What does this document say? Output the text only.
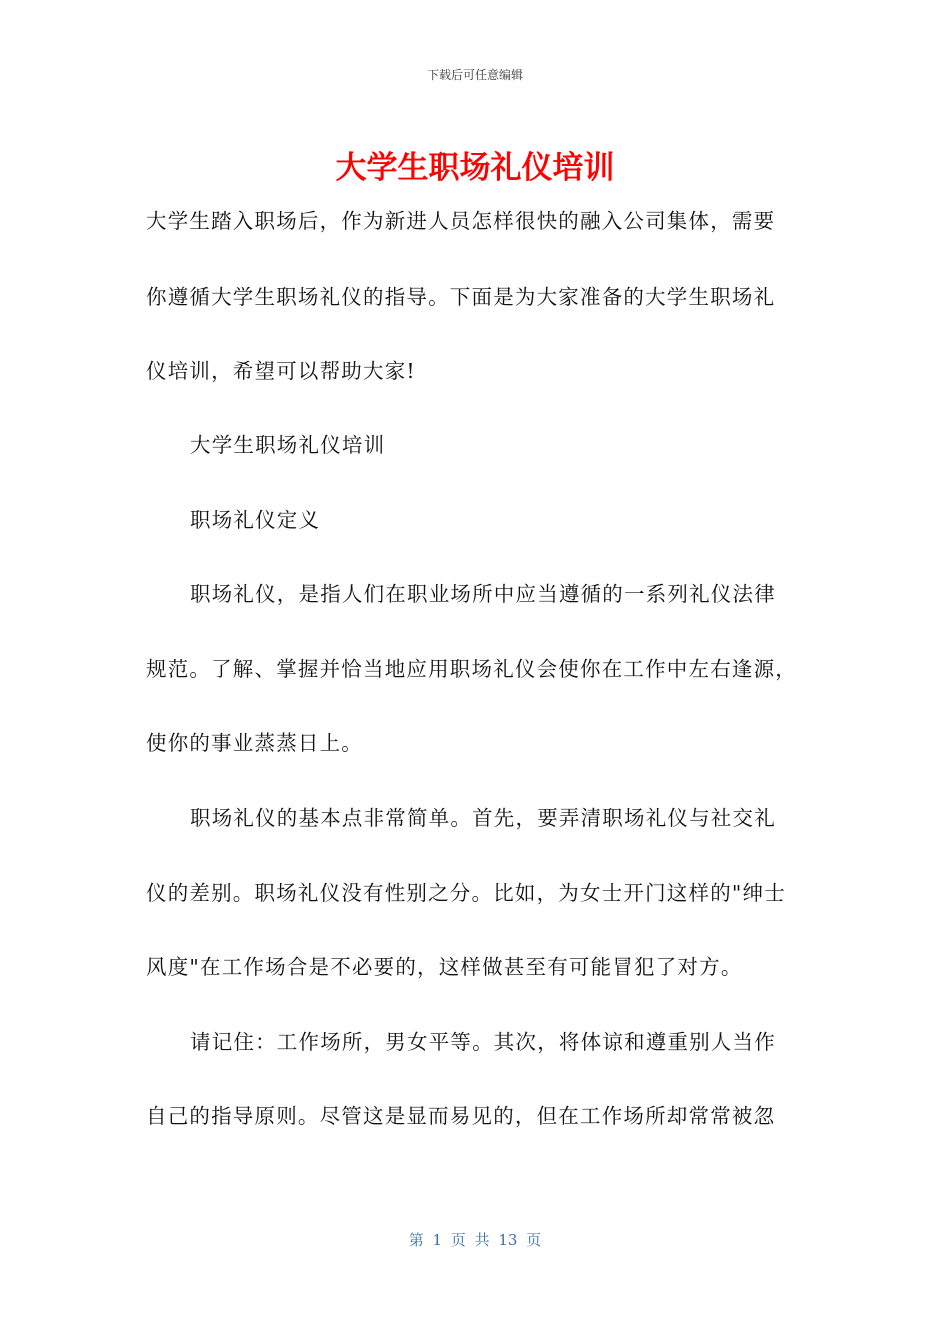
下载后可任意编辑
大学生职场礼仪培训
大学生踏入职场后，作为新进人员怎样很快的融入公司集体，需要
你遵循大学生职场礼仪的指导。下面是为大家准备的大学生职场礼
仪培训，希望可以帮助大家!
大学生职场礼仪培训
职场礼仪定义
职场礼仪，是指人们在职业场所中应当遵循的一系列礼仪法律
规范。了解、掌握并恰当地应用职场礼仪会使你在工作中左右逢源，
使你的事业蒸蒸日上。
职场礼仪的基本点非常简单。首先，要弄清职场礼仪与社交礼
仪的差别。职场礼仪没有性别之分。比如，为女士开门这样的"绅士
风度"在工作场合是不必要的，这样做甚至有可能冒犯了对方。
请记住：工作场所，男女平等。其次，将体谅和遵重别人当作
自己的指导原则。尽管这是显而易见的，但在工作场所却常常被忽
第 1 页 共 13 页
